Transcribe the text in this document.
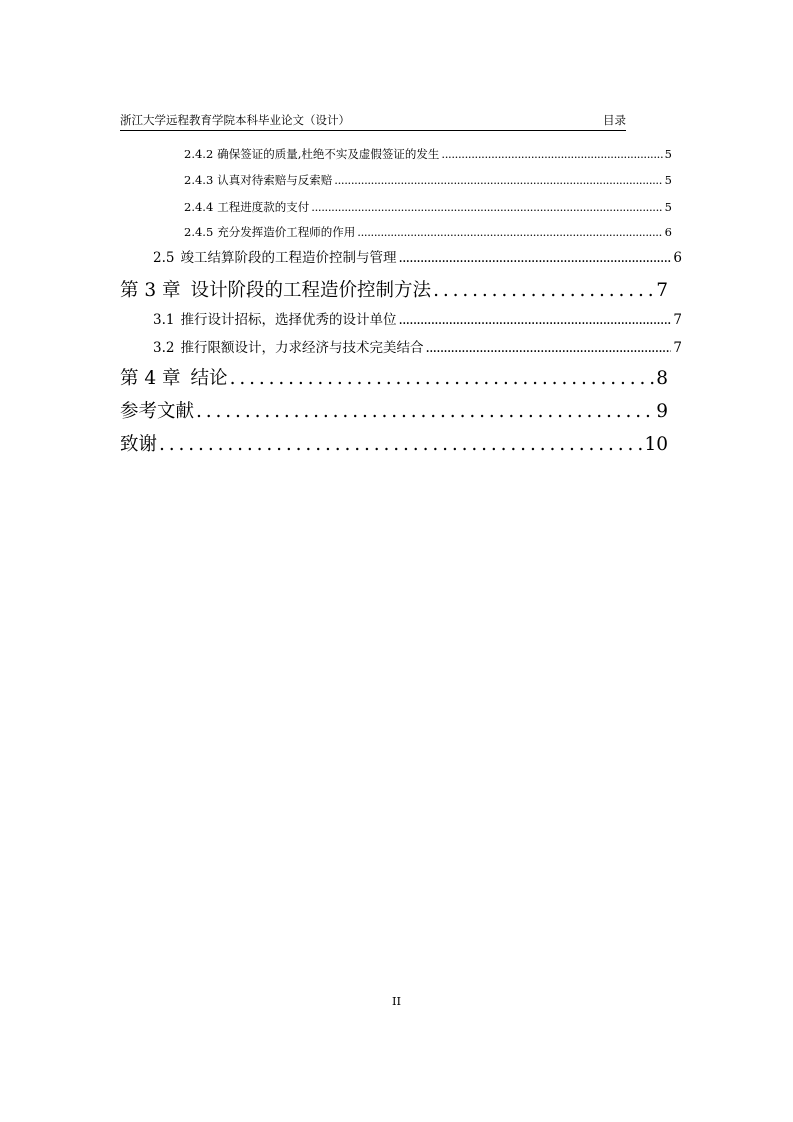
浙江大学远程教育学院本科毕业论文（设计）	目录
2.4.2 确保签证的质量,杜绝不实及虚假签证的发生 . . .	5
2.4.3 认真对待索赔与反索赔 . . .	5
2.4.4 工程进度款的支付 . . .	5
2.4.5 充分发挥造价工程师的作用 . . .	6
2.5 竣工结算阶段的工程造价控制与管理 . . .	6
第 3 章 设计阶段的工程造价控制方法 . . .	7
3.1 推行设计招标，选择优秀的设计单位 . . .	7
3.2 推行限额设计，力求经济与技术完美结合 . . .	7
第 4 章 结论 . . .	8
参考文献 . . .	9
致谢 . . .	10
II
